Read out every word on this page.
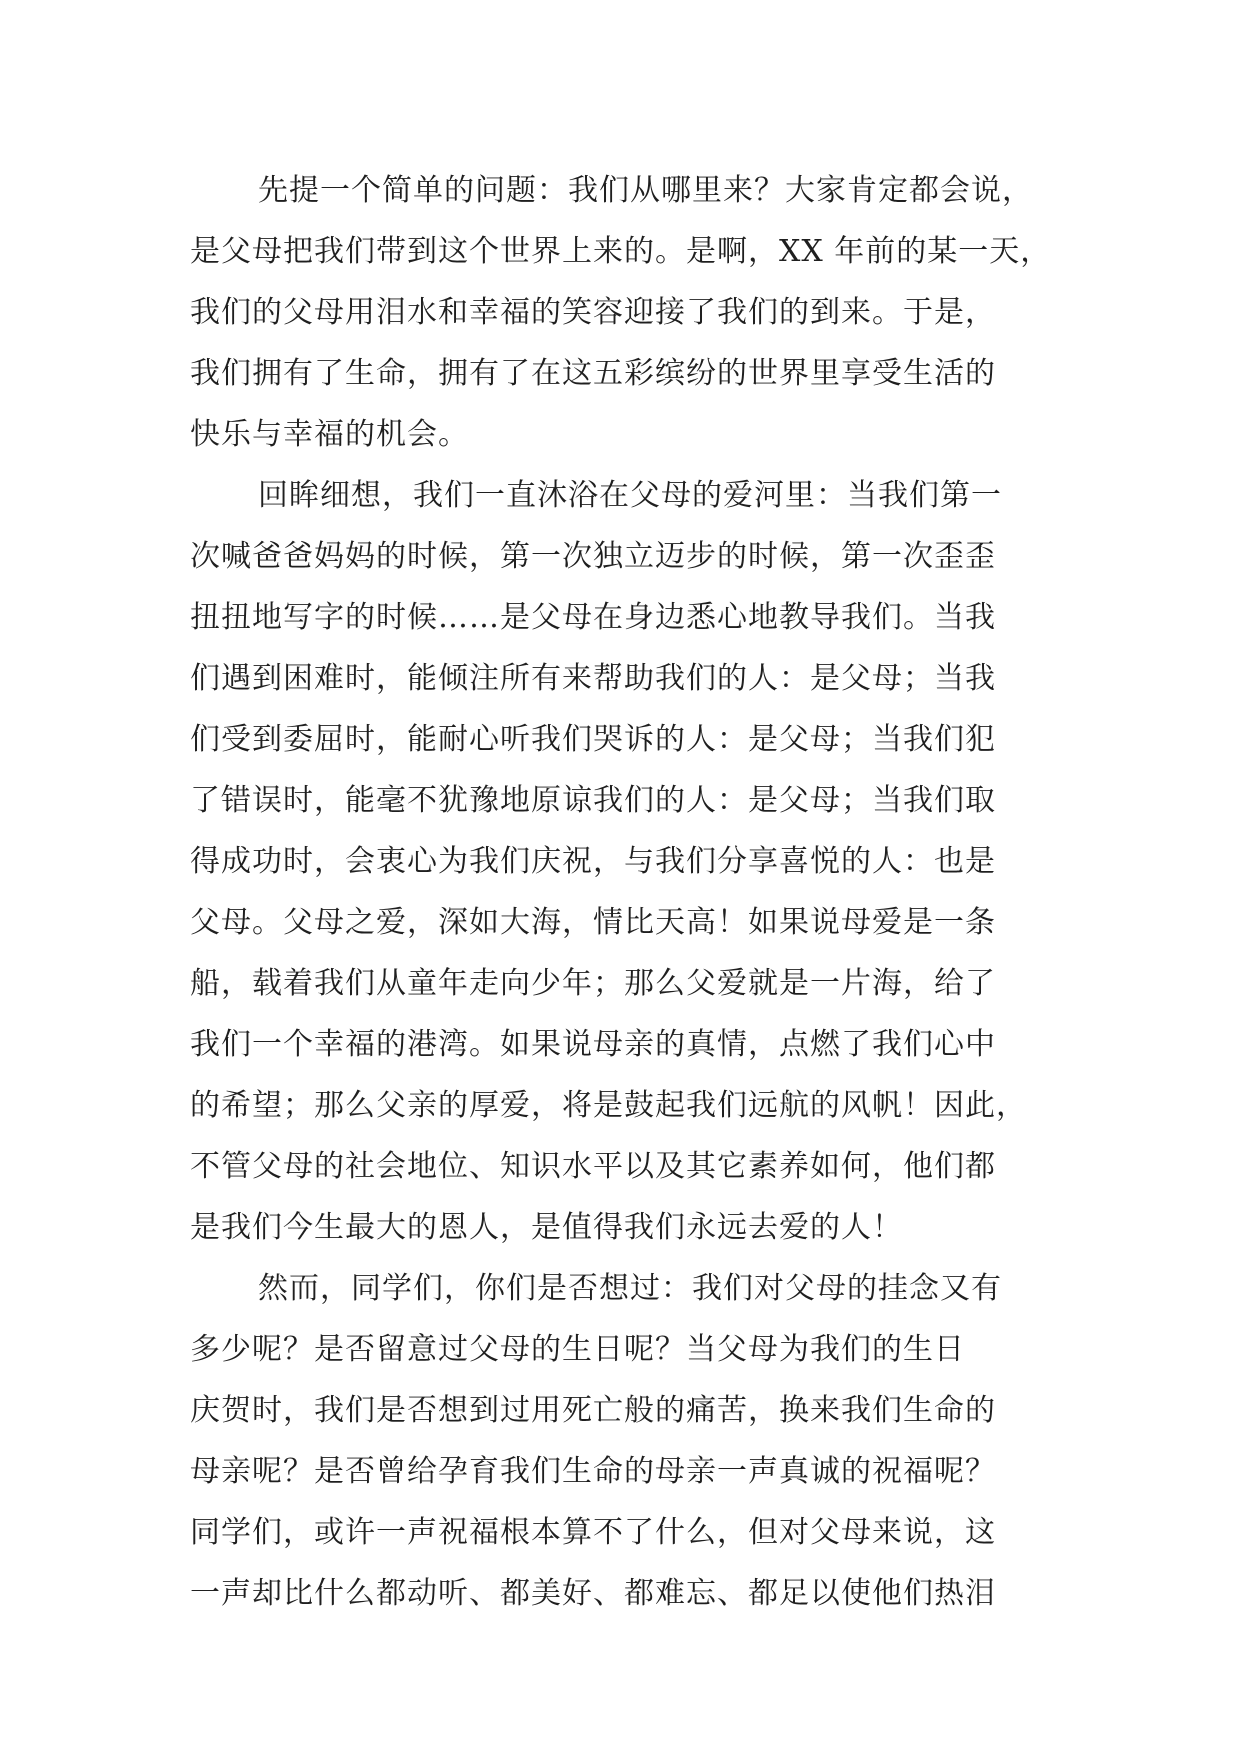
先提一个简单的问题：我们从哪里来？大家肯定都会说，
是父母把我们带到这个世界上来的。是啊，XX 年前的某一天，
我们的父母用泪水和幸福的笑容迎接了我们的到来。于是，
我们拥有了生命，拥有了在这五彩缤纷的世界里享受生活的
快乐与幸福的机会。
回眸细想，我们一直沐浴在父母的爱河里：当我们第一
次喊爸爸妈妈的时候，第一次独立迈步的时候，第一次歪歪
扭扭地写字的时候……是父母在身边悉心地教导我们。当我
们遇到困难时，能倾注所有来帮助我们的人：是父母；当我
们受到委屈时，能耐心听我们哭诉的人：是父母；当我们犯
了错误时，能毫不犹豫地原谅我们的人：是父母；当我们取
得成功时，会衷心为我们庆祝，与我们分享喜悦的人：也是
父母。父母之爱，深如大海，情比天高！如果说母爱是一条
船，载着我们从童年走向少年；那么父爱就是一片海，给了
我们一个幸福的港湾。如果说母亲的真情，点燃了我们心中
的希望；那么父亲的厚爱，将是鼓起我们远航的风帆！因此，
不管父母的社会地位、知识水平以及其它素养如何，他们都
是我们今生最大的恩人，是值得我们永远去爱的人！
然而，同学们，你们是否想过：我们对父母的挂念又有
多少呢？是否留意过父母的生日呢？当父母为我们的生日
庆贺时，我们是否想到过用死亡般的痛苦，换来我们生命的
母亲呢？是否曾给孕育我们生命的母亲一声真诚的祝福呢？
同学们，或许一声祝福根本算不了什么，但对父母来说，这
一声却比什么都动听、都美好、都难忘、都足以使他们热泪
